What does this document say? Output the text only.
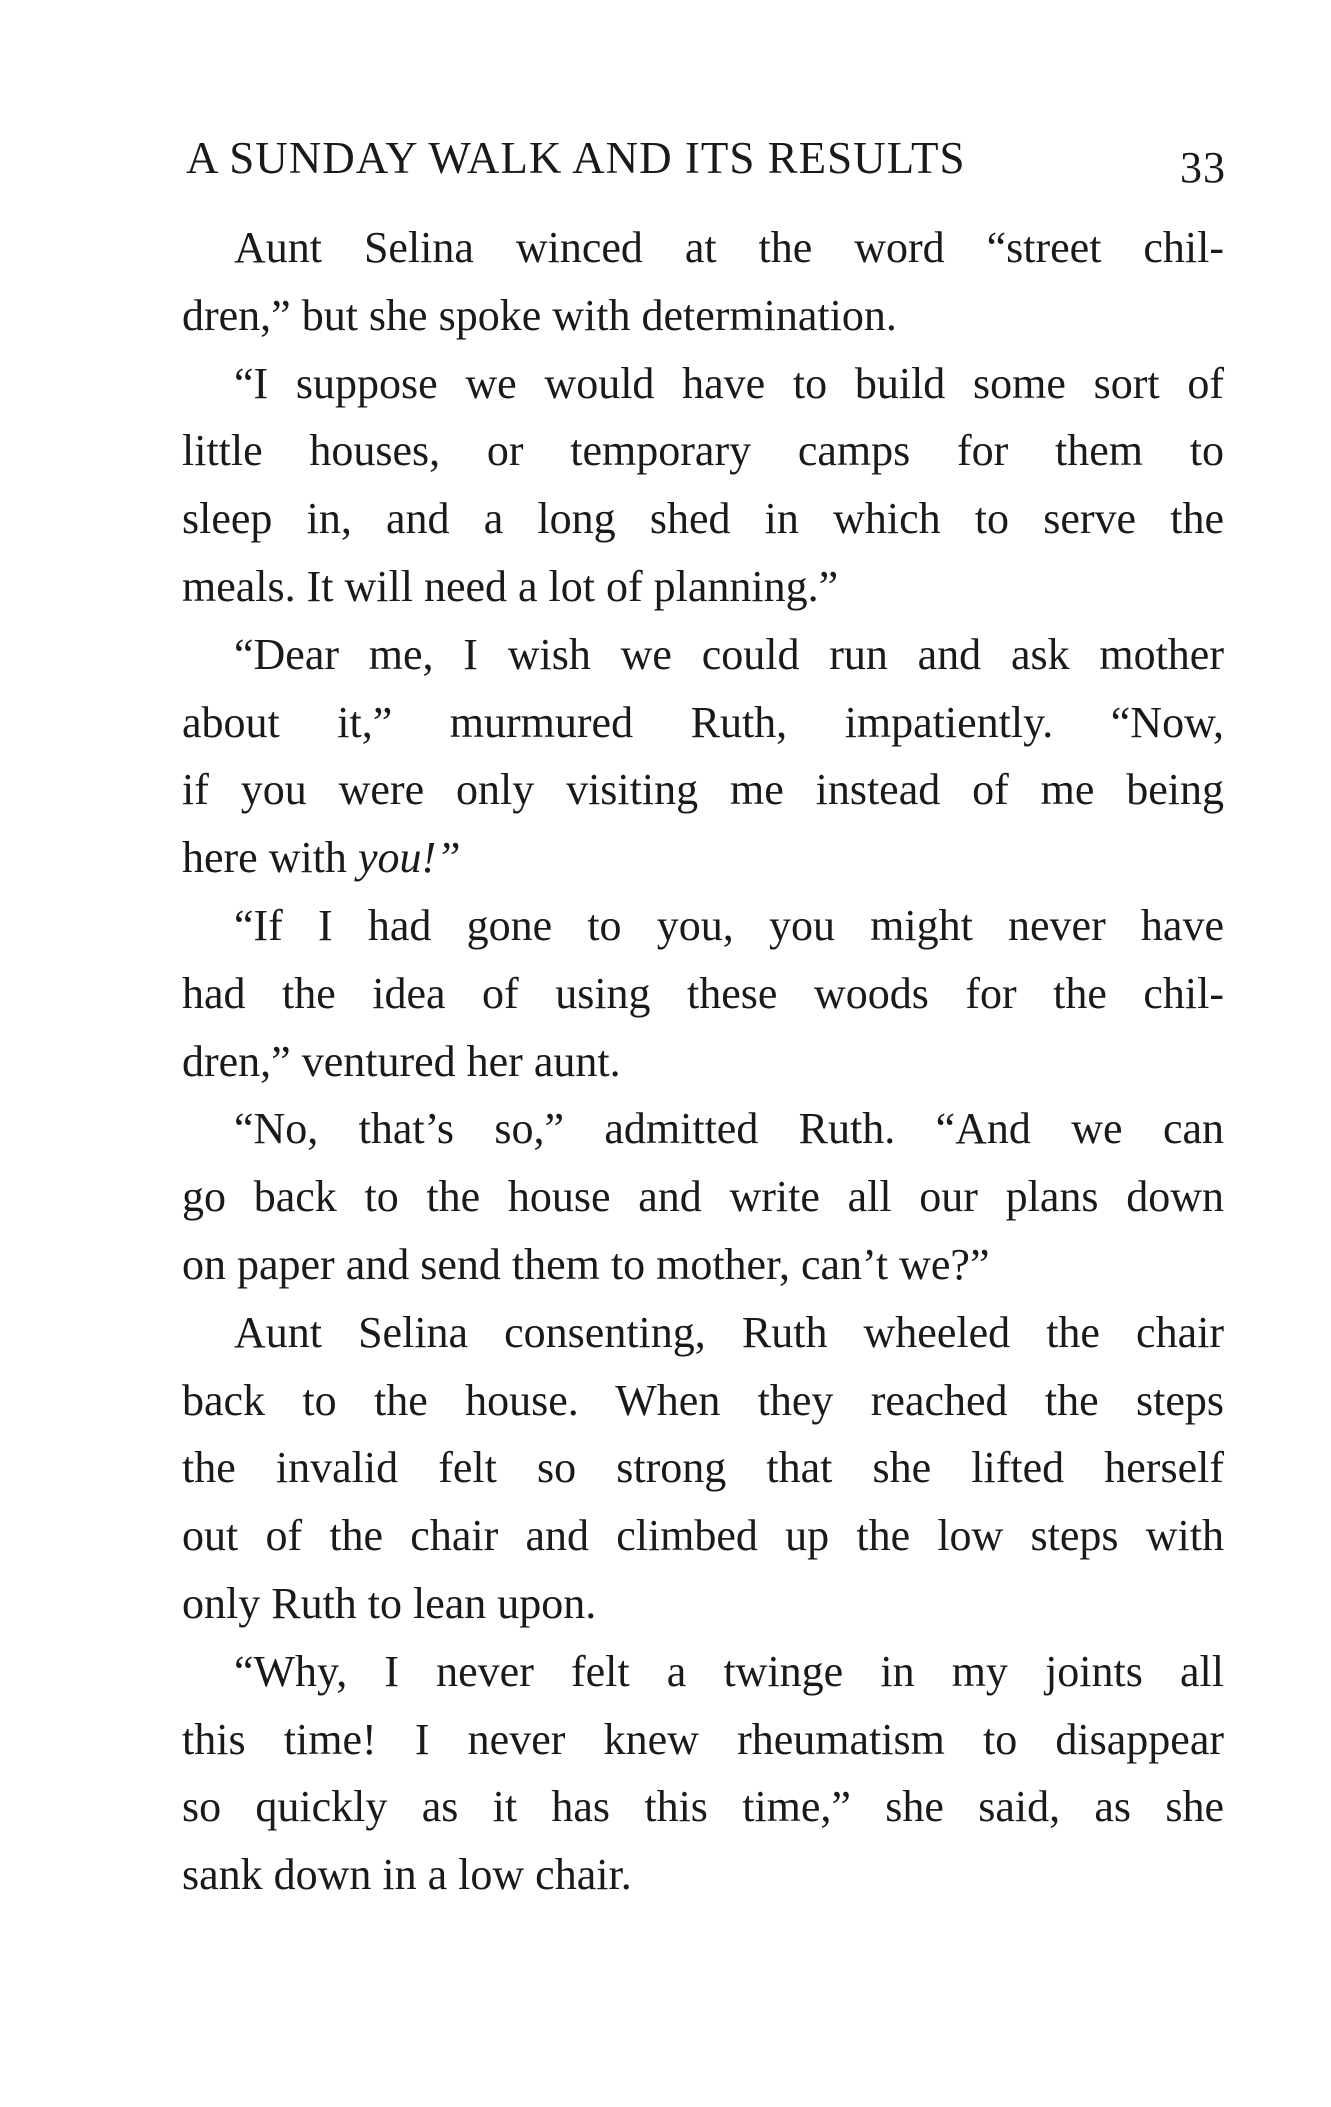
A SUNDAY WALK AND ITS RESULTS	33
Aunt Selina winced at the word “street chil-
dren,” but she spoke with determination.
“I suppose we would have to build some sort of
little houses, or temporary camps for them to
sleep in, and a long shed in which to serve the
meals. It will need a lot of planning.”
“Dear me, I wish we could run and ask mother
about it,” murmured Ruth, impatiently. “Now,
if you were only visiting me instead of me being
here with you!”
“If I had gone to you, you might never have
had the idea of using these woods for the chil-
dren,” ventured her aunt.
“No, that’s so,” admitted Ruth. “And we can
go back to the house and write all our plans down
on paper and send them to mother, can’t we?”
Aunt Selina consenting, Ruth wheeled the chair
back to the house. When they reached the steps
the invalid felt so strong that she lifted herself
out of the chair and climbed up the low steps with
only Ruth to lean upon.
“Why, I never felt a twinge in my joints all
this time! I never knew rheumatism to disappear
so quickly as it has this time,” she said, as she
sank down in a low chair.
